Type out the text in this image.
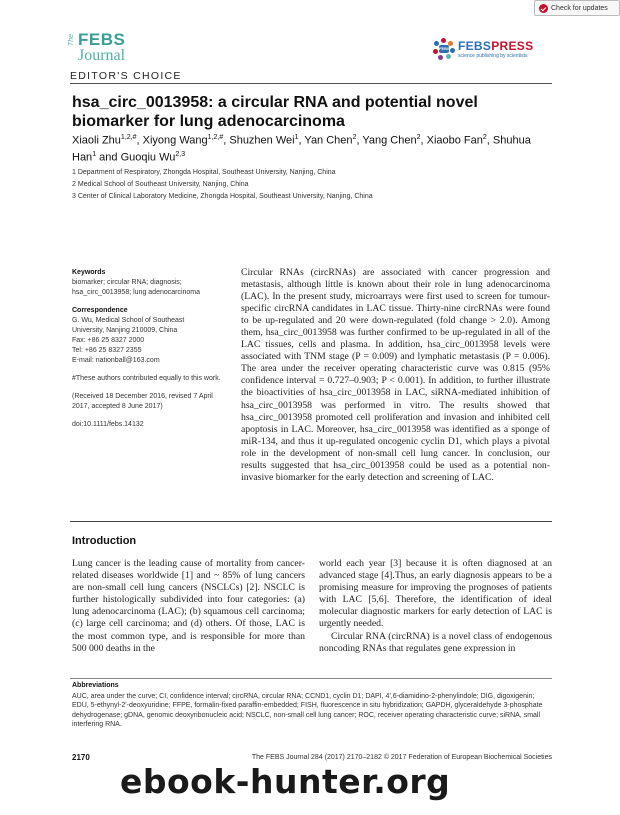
Check for updates
The FEBS
Journal	FEBS FEBSPRESS
science publishing by scientists
EDITOR'S CHOICE
hsa_circ_0013958: a circular RNA and potential novel biomarker for lung adenocarcinoma
Xiaoli Zhu$^{1,2,\#}$, Xiyong Wang$^{1,2,\#}$, Shuzhen Wei$^1$, Yan Chen$^2$, Yang Chen$^2$, Xiaobo Fan$^2$, Shuhua Han$^1$ and Guoqiu Wu$^{2,3}$
1 Department of Respiratory, Zhongda Hospital, Southeast University, Nanjing, China
2 Medical School of Southeast University, Nanjing, China
3 Center of Clinical Laboratory Medicine, Zhongda Hospital, Southeast University, Nanjing, China
Keywords
biomarker; circular RNA; diagnosis; hsa_circ_0013958; lung adenocarcinoma
Correspondence
G. Wu, Medical School of Southeast
University, Nanjing 210009, China
Fax: +86 25 8327 2000
Tel: +86 25 8327 2355
E-mail: nationball@163.com
#These authors contributed equally to this work.
(Received 18 December 2016, revised 7 April 2017, accepted 8 June 2017)
doi:10.1111/febs.14132

Circular RNAs (circRNAs) are associated with cancer progression and metastasis, although little is known about their role in lung adenocarcinoma (LAC). In the present study, microarrays were first used to screen for tumour-specific circRNA candidates in LAC tissue. Thirty-nine circRNAs were found to be up-regulated and 20 were down-regulated (fold change > 2.0). Among them, hsa_circ_0013958 was further confirmed to be up-regulated in all of the LAC tissues, cells and plasma. In addition, hsa_circ_0013958 levels were associated with TNM stage (P = 0.009) and lymphatic metastasis (P = 0.006). The area under the receiver operating characteristic curve was 0.815 (95% confidence interval = 0.727–0.903; P < 0.001). In addition, to further illustrate the bioactivities of hsa_circ_0013958 in LAC, siRNA-mediated inhibition of hsa_circ_0013958 was performed in vitro. The results showed that hsa_circ_0013958 promoted cell proliferation and invasion and inhibited cell apoptosis in LAC. Moreover, hsa_circ_0013958 was identified as a sponge of miR-134, and thus it up-regulated oncogenic cyclin D1, which plays a pivotal role in the development of non-small cell lung cancer. In conclusion, our results suggested that hsa_circ_0013958 could be used as a potential non-invasive biomarker for the early detection and screening of LAC.

Introduction

Lung cancer is the leading cause of mortality from cancer-related diseases worldwide [1] and ~ 85% of lung cancers are non-small cell lung cancers (NSCLCs) [2]. NSCLC is further histologically subdivided into four categories: (a) lung adenocarcinoma (LAC); (b) squamous cell carcinoma; (c) large cell carcinoma; and (d) others. Of those, LAC is the most common type, and is responsible for more than 500 000 deaths in the

world each year [3] because it is often diagnosed at an advanced stage [4].Thus, an early diagnosis appears to be a promising measure for improving the prognoses of patients with LAC [5,6]. Therefore, the identification of ideal molecular diagnostic markers for early detection of LAC is urgently needed.

Circular RNA (circRNA) is a novel class of endogenous noncoding RNAs that regulates gene expression in

Abbreviations
AUC, area under the curve; CI, confidence interval; circRNA, circular RNA; CCND1, cyclin D1; DAPI, 4',6-diamidino-2-phenylindole; DIG, digoxigenin; EDU, 5-ethynyl-2'-deoxyuridine; FFPE, formalin-fixed paraffin-embedded; FISH, fluorescence in situ hybridization; GAPDH, glyceraldehyde 3-phosphate dehydrogenase; gDNA, genomic deoxyribonucleic acid; NSCLC, non-small cell lung cancer; ROC, receiver operating characteristic curve; siRNA, small interfering RNA.
2170	The FEBS Journal 284 (2017) 2170–2182 © 2017 Federation of European Biochemical Societies
ebook-hunter.org
